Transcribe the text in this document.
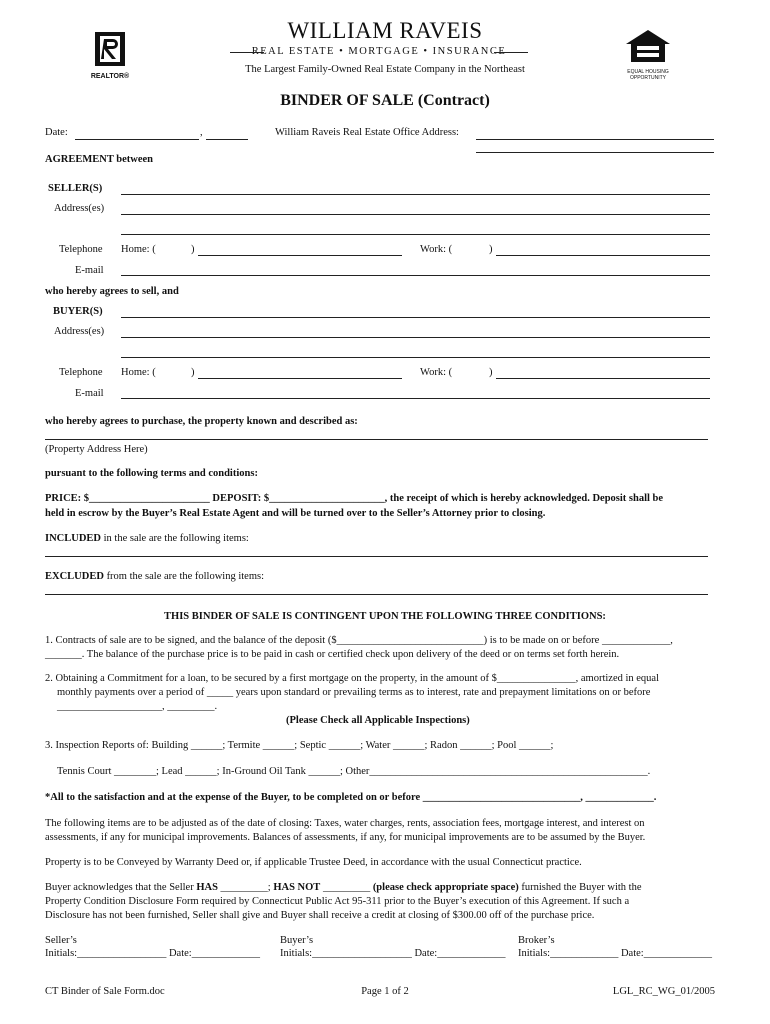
REALTOR®
WILLIAM RAVEIS
REAL ESTATE • MORTGAGE • INSURANCE
The Largest Family-Owned Real Estate Company in the Northeast	EQUAL HOUSING OPPORTUNITY
BINDER OF SALE (Contract)
Date:	,	William Raveis Real Estate Office Address:
AGREEMENT between
SELLER(S)
Address(es)
Telephone Home: (	)	Work: (	)
E-mail
who hereby agrees to sell, and
BUYER(S)
Address(es)
Telephone Home: (	)	Work: (	)
E-mail
who hereby agrees to purchase, the property known and described as:
(Property Address Here)
pursuant to the following terms and conditions:
PRICE: $_______________________ DEPOSIT: $______________________, the receipt of which is hereby acknowledged. Deposit shall be
held in escrow by the Buyer’s Real Estate Agent and will be turned over to the Seller’s Attorney prior to closing.
INCLUDED in the sale are the following items:
EXCLUDED from the sale are the following items:
THIS BINDER OF SALE IS CONTINGENT UPON THE FOLLOWING THREE CONDITIONS:
1. Contracts of sale are to be signed, and the balance of the deposit ($____________________________) is to be made on or before _____________,
_______. The balance of the purchase price is to be paid in cash or certified check upon delivery of the deed or on terms set forth herein.
2. Obtaining a Commitment for a loan, to be secured by a first mortgage on the property, in the amount of $_______________, amortized in equal
monthly payments over a period of _____ years upon standard or prevailing terms as to interest, rate and prepayment limitations on or before
____________________, _________.
(Please Check all Applicable Inspections)
3. Inspection Reports of: Building ______; Termite ______; Septic ______; Water ______; Radon ______; Pool ______;
Tennis Court ________; Lead ______; In-Ground Oil Tank ______; Other_____________________________________________________.
*All to the satisfaction and at the expense of the Buyer, to be completed on or before ______________________________, _____________.
The following items are to be adjusted as of the date of closing: Taxes, water charges, rents, association fees, mortgage interest, and interest on
assessments, if any for municipal improvements. Balances of assessments, if any, for municipal improvements are to be assumed by the Buyer.
Property is to be Conveyed by Warranty Deed or, if applicable Trustee Deed, in accordance with the usual Connecticut practice.
Buyer acknowledges that the Seller HAS _________; HAS NOT _________ (please check appropriate space) furnished the Buyer with the
Property Condition Disclosure Form required by Connecticut Public Act 95-311 prior to the Buyer’s execution of this Agreement. If such a
Disclosure has not been furnished, Seller shall give and Buyer shall receive a credit at closing of $300.00 off of the purchase price.
Seller’s	Buyer’s	Broker’s
Initials:_________________ Date:_____________ Initials:___________________ Date:_____________ Initials:_____________ Date:_____________
CT Binder of Sale Form.doc	Page 1 of 2	LGL_RC_WG_01/2005
